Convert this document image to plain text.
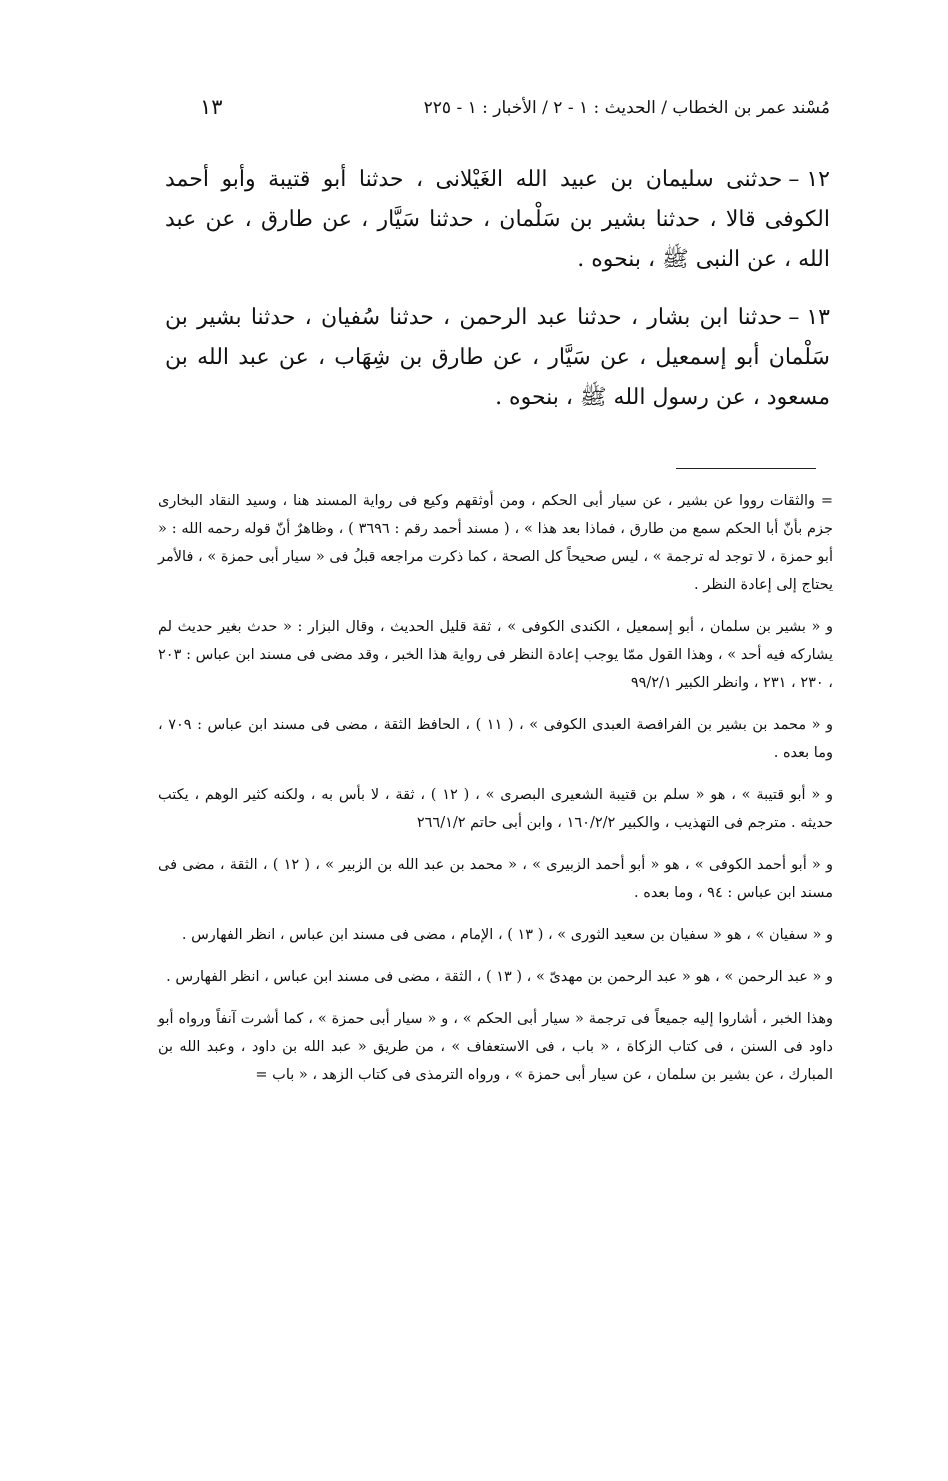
مُسْند عمر بن الخطاب / الحديث : ١ - ٢ / الأخبار : ١ - ٢٢٥
١٣

١٢ –حدثنى سليمان بن عبيد الله الغَيْلانى ، حدثنا أبو قتيبة وأبو أحمد الكوفى قالا ، حدثنا بشير بن سَلْمان ، حدثنا سَيَّار ، عن طارق ، عن عبد الله ، عن النبى ﷺ ، بنحوه .

١٣ –حدثنا ابن بشار ، حدثنا عبد الرحمن ، حدثنا سُفيان ، حدثنا بشير بن سَلْمان أبو إسمعيل ، عن سَيَّار ، عن طارق بن شِهَاب ، عن عبد الله بن مسعود ، عن رسول الله ﷺ ، بنحوه .

= والثقات رووا عن بشير ، عن سيار أبى الحكم ، ومن أوثقهم وكيع فى رواية المسند هنا ، وسيد النقاد البخارى جزم بأنّ أبا الحكم سمع من طارق ، فماذا بعد هذا » ، ( مسند أحمد رقم : ٣٦٩٦ ) ، وظاهرٌ أنّ قوله رحمه الله : « أبو حمزة ، لا توجد له ترجمة » ، ليس صحيحاً كل الصحة ، كما ذكرت مراجعه قبلُ فى « سيار أبى حمزة » ، فالأمر يحتاج إلى إعادة النظر .

و « بشير بن سلمان ، أبو إسمعيل ، الكندى الكوفى » ، ثقة قليل الحديث ، وقال البزار : « حدث بغير حديث لم يشاركه فيه أحد » ، وهذا القول ممّا يوجب إعادة النظر فى رواية هذا الخبر ، وقد مضى فى مسند ابن عباس : ٢٠٣ ، ٢٣٠ ، ٢٣١ ، وانظر الكبير ٩٩/٢/١

و « محمد بن بشير بن الفرافصة العبدى الكوفى » ، ( ١١ ) ، الحافظ الثقة ، مضى فى مسند ابن عباس : ٧٠٩ ، وما بعده .

و « أبو قتيبة » ، هو « سلم بن قتيبة الشعيرى البصرى » ، ( ١٢ ) ، ثقة ، لا بأس به ، ولكنه كثير الوهم ، يكتب حديثه . مترجم فى التهذيب ، والكبير ١٦٠/٢/٢ ، وابن أبى حاتم ٢٦٦/١/٢

و « أبو أحمد الكوفى » ، هو « أبو أحمد الزبيرى » ، « محمد بن عبد الله بن الزبير » ، ( ١٢ ) ، الثقة ، مضى فى مسند ابن عباس : ٩٤ ، وما بعده .

و « سفيان » ، هو « سفيان بن سعيد الثورى » ، ( ١٣ ) ، الإمام ، مضى فى مسند ابن عباس ، انظر الفهارس .

و « عبد الرحمن » ، هو « عبد الرحمن بن مهدىّ » ، ( ١٣ ) ، الثقة ، مضى فى مسند ابن عباس ، انظر الفهارس .

وهذا الخبر ، أشاروا إليه جميعاً فى ترجمة « سيار أبى الحكم » ، و « سيار أبى حمزة » ، كما أشرت آنفاً ورواه أبو داود فى السنن ، فى كتاب الزكاة ، « باب ، فى الاستعفاف » ، من طريق « عبد الله بن داود ، وعبد الله بن المبارك ، عن بشير بن سلمان ، عن سيار أبى حمزة » ، ورواه الترمذى فى كتاب الزهد ، « باب =
